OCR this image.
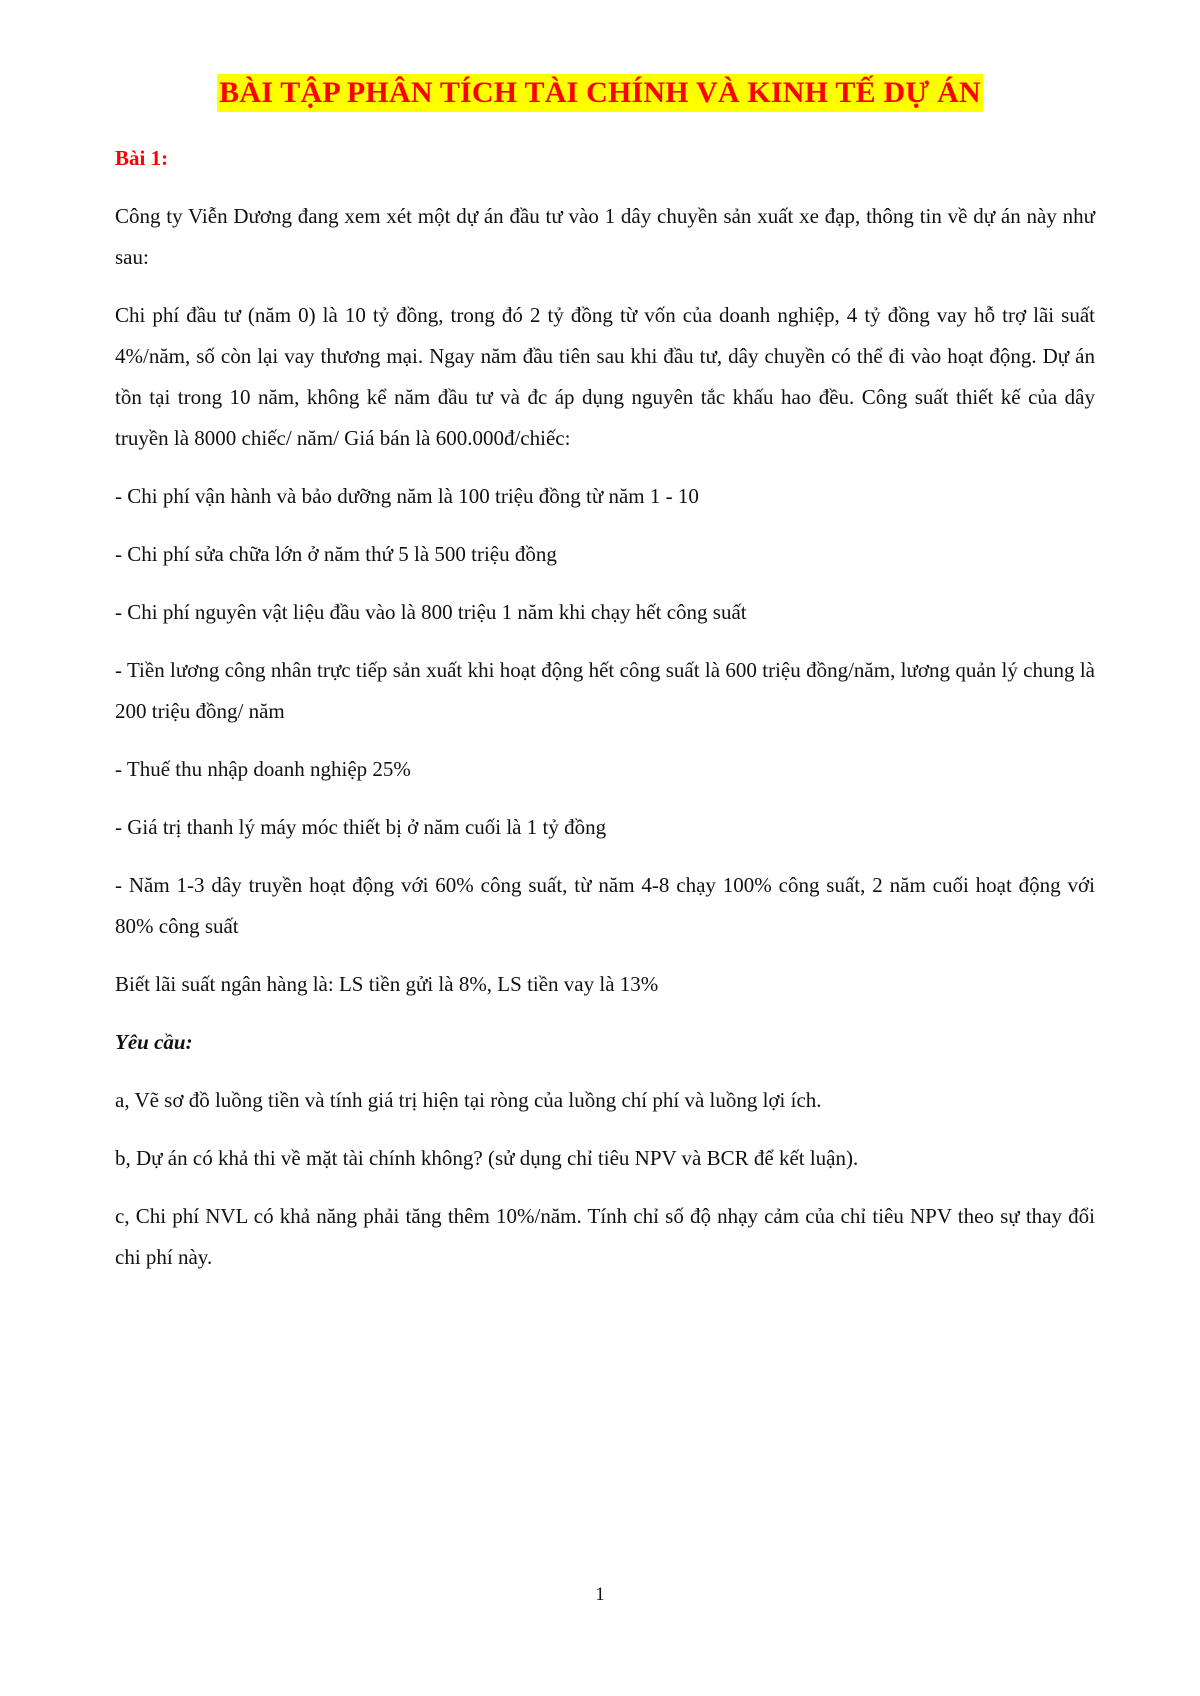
BÀI TẬP PHÂN TÍCH TÀI CHÍNH VÀ KINH TẾ DỰ ÁN

Bài 1:

Công ty Viễn Dương đang xem xét một dự án đầu tư vào 1 dây chuyền sản xuất xe đạp, thông tin về dự án này như sau:

Chi phí đầu tư (năm 0) là 10 tỷ đồng, trong đó 2 tỷ đồng từ vốn của doanh nghiệp, 4 tỷ đồng vay hỗ trợ lãi suất 4%/năm, số còn lại vay thương mại. Ngay năm đầu tiên sau khi đầu tư, dây chuyền có thể đi vào hoạt động. Dự án tồn tại trong 10 năm, không kể năm đầu tư và đc áp dụng nguyên tắc khấu hao đều. Công suất thiết kế của dây truyền là 8000 chiếc/ năm/ Giá bán là 600.000đ/chiếc:

- Chi phí vận hành và bảo dưỡng năm là 100 triệu đồng từ năm 1 - 10

- Chi phí sửa chữa lớn ở năm thứ 5 là 500 triệu đồng

- Chi phí nguyên vật liệu đầu vào là 800 triệu 1 năm khi chạy hết công suất

- Tiền lương công nhân trực tiếp sản xuất khi hoạt động hết công suất là 600 triệu đồng/năm, lương quản lý chung là 200 triệu đồng/ năm

- Thuế thu nhập doanh nghiệp 25%

- Giá trị thanh lý máy móc thiết bị ở năm cuối là 1 tỷ đồng

- Năm 1-3 dây truyền hoạt động với 60% công suất, từ năm 4-8 chạy 100% công suất, 2 năm cuối hoạt động với 80% công suất

Biết lãi suất ngân hàng là: LS tiền gửi là 8%, LS tiền vay là 13%

Yêu cầu:

a, Vẽ sơ đồ luồng tiền và tính giá trị hiện tại ròng của luồng chí phí và luồng lợi ích.

b, Dự án có khả thi về mặt tài chính không? (sử dụng chỉ tiêu NPV và BCR để kết luận).

c, Chi phí NVL có khả năng phải tăng thêm 10%/năm. Tính chỉ số độ nhạy cảm của chỉ tiêu NPV theo sự thay đổi chi phí này.

1
